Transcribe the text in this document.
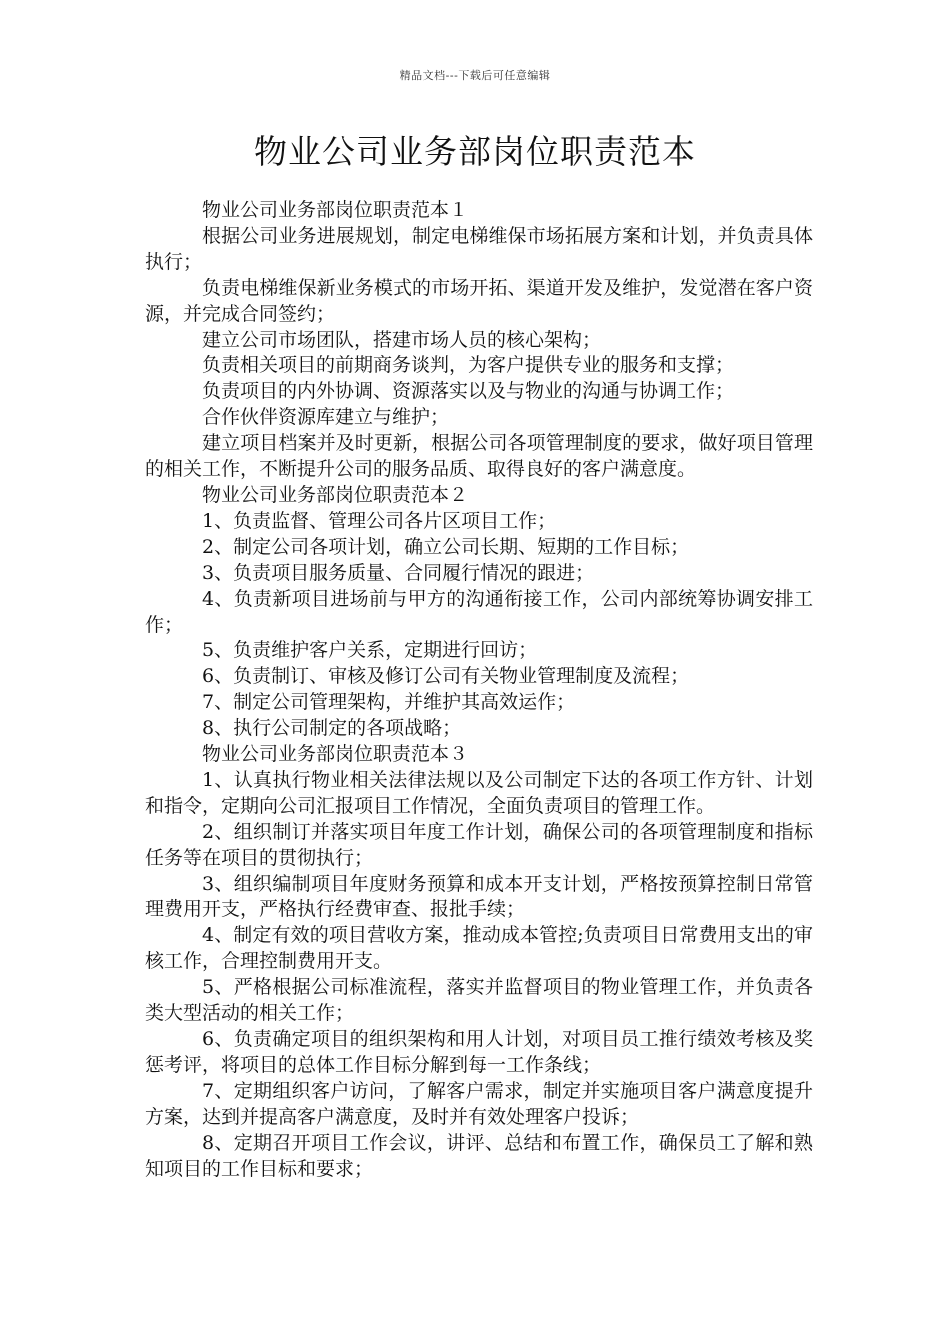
精品文档---下载后可任意编辑
物业公司业务部岗位职责范本

物业公司业务部岗位职责范本１

根据公司业务进展规划，制定电梯维保市场拓展方案和计划，并负责具体执行；

负责电梯维保新业务模式的市场开拓、渠道开发及维护，发觉潜在客户资源，并完成合同签约；

建立公司市场团队，搭建市场人员的核心架构；

负责相关项目的前期商务谈判，为客户提供专业的服务和支撑；

负责项目的内外协调、资源落实以及与物业的沟通与协调工作；

合作伙伴资源库建立与维护；

建立项目档案并及时更新，根据公司各项管理制度的要求，做好项目管理的相关工作，不断提升公司的服务品质、取得良好的客户满意度。

物业公司业务部岗位职责范本２

1、负责监督、管理公司各片区项目工作；

2、制定公司各项计划，确立公司长期、短期的工作目标；

3、负责项目服务质量、合同履行情况的跟进；

4、负责新项目进场前与甲方的沟通衔接工作，公司内部统筹协调安排工作；

5、负责维护客户关系，定期进行回访；

6、负责制订、审核及修订公司有关物业管理制度及流程；

7、制定公司管理架构，并维护其高效运作；

8、执行公司制定的各项战略；

物业公司业务部岗位职责范本３

1、认真执行物业相关法律法规以及公司制定下达的各项工作方针、计划和指令，定期向公司汇报项目工作情况，全面负责项目的管理工作。

2、组织制订并落实项目年度工作计划，确保公司的各项管理制度和指标任务等在项目的贯彻执行；

3、组织编制项目年度财务预算和成本开支计划，严格按预算控制日常管理费用开支，严格执行经费审查、报批手续；

4、制定有效的项目营收方案，推动成本管控;负责项目日常费用支出的审核工作，合理控制费用开支。

5、严格根据公司标准流程，落实并监督项目的物业管理工作，并负责各类大型活动的相关工作；

6、负责确定项目的组织架构和用人计划，对项目员工推行绩效考核及奖惩考评，将项目的总体工作目标分解到每一工作条线；

7、定期组织客户访问，了解客户需求，制定并实施项目客户满意度提升方案，达到并提高客户满意度，及时并有效处理客户投诉；

8、定期召开项目工作会议，讲评、总结和布置工作，确保员工了解和熟知项目的工作目标和要求；
